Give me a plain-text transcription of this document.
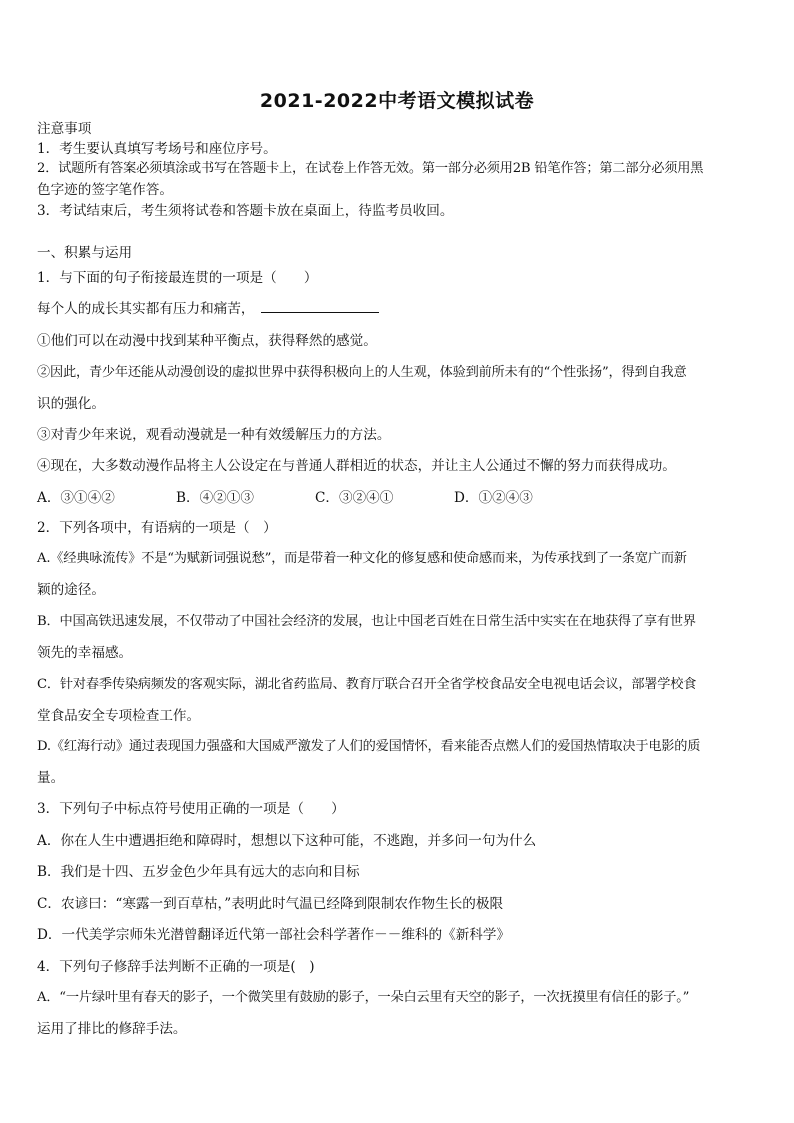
2021-2022中考语文模拟试卷
注意事项
1．考生要认真填写考场号和座位序号。
2．试题所有答案必须填涂或书写在答题卡上，在试卷上作答无效。第一部分必须用2B 铅笔作答；第二部分必须用黑
色字迹的签字笔作答。
3．考试结束后，考生须将试卷和答题卡放在桌面上，待监考员收回。
一、积累与运用
1．与下面的句子衔接最连贯的一项是（　　）
每个人的成长其实都有压力和痛苦，
①他们可以在动漫中找到某种平衡点，获得释然的感觉。
②因此，青少年还能从动漫创设的虚拟世界中获得积极向上的人生观，体验到前所未有的“个性张扬”，得到自我意
识的强化。
③对青少年来说，观看动漫就是一种有效缓解压力的方法。
④现在，大多数动漫作品将主人公设定在与普通人群相近的状态，并让主人公通过不懈的努力而获得成功。
A．③①④②	B．④②①③	C．③②④①	D．①②④③
2．下列各项中，有语病的一项是（　）
A.《经典咏流传》不是“为赋新词强说愁”，而是带着一种文化的修复感和使命感而来，为传承找到了一条宽广而新
颖的途径。
B．中国高铁迅速发展，不仅带动了中国社会经济的发展，也让中国老百姓在日常生活中实实在在地获得了享有世界
领先的幸福感。
C．针对春季传染病频发的客观实际，湖北省药监局、教育厅联合召开全省学校食品安全电视电话会议，部署学校食
堂食品安全专项检查工作。
D.《红海行动》通过表现国力强盛和大国威严激发了人们的爱国情怀，看来能否点燃人们的爱国热情取决于电影的质
量。
3．下列句子中标点符号使用正确的一项是（　　）
A．你在人生中遭遇拒绝和障碍时，想想以下这种可能，不逃跑，并多问一句为什么
B．我们是十四、五岁金色少年具有远大的志向和目标
C．农谚曰：“寒露一到百草枯，”表明此时气温已经降到限制农作物生长的极限
D．一代美学宗师朱光潜曾翻译近代第一部社会科学著作－－维科的《新科学》
4．下列句子修辞手法判断不正确的一项是(　)
A．“一片绿叶里有春天的影子，一个微笑里有鼓励的影子，一朵白云里有天空的影子，一次抚摸里有信任的影子。”
运用了排比的修辞手法。
